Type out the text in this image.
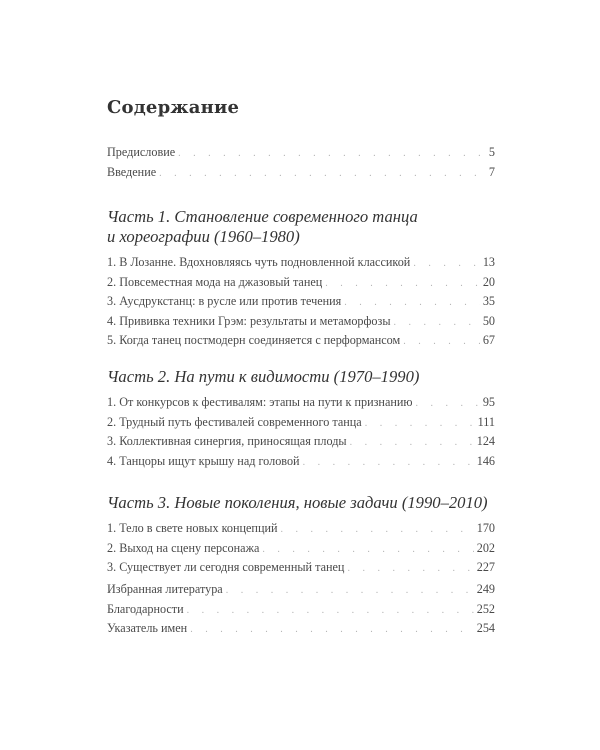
Содержание
Предисловие . . .	5
Введение . . .	7
Часть 1. Становление современного танца
и хореографии (1960–1980)
1. В Лозанне. Вдохновляясь чуть подновленной классикой . . .	13
2. Повсеместная мода на джазовый танец . . .	20
3. Аусдрукстанц: в русле или против течения . . .	35
4. Прививка техники Грэм: результаты и метаморфозы . . .	50
5. Когда танец постмодерн соединяется с перформансом . . .	67
Часть 2. На пути к видимости (1970–1990)
1. От конкурсов к фестивалям: этапы на пути к признанию . . .	95
2. Трудный путь фестивалей современного танца . . .	111
3. Коллективная синергия, приносящая плоды . . .	124
4. Танцоры ищут крышу над головой . . .	146
Часть 3. Новые поколения, новые задачи (1990–2010)
1. Тело в свете новых концепций . . .	170
2. Выход на сцену персонажа . . .	202
3. Существует ли сегодня современный танец . . .	227
Избранная литература . . .	249
Благодарности . . .	252
Указатель имен . . .	254
